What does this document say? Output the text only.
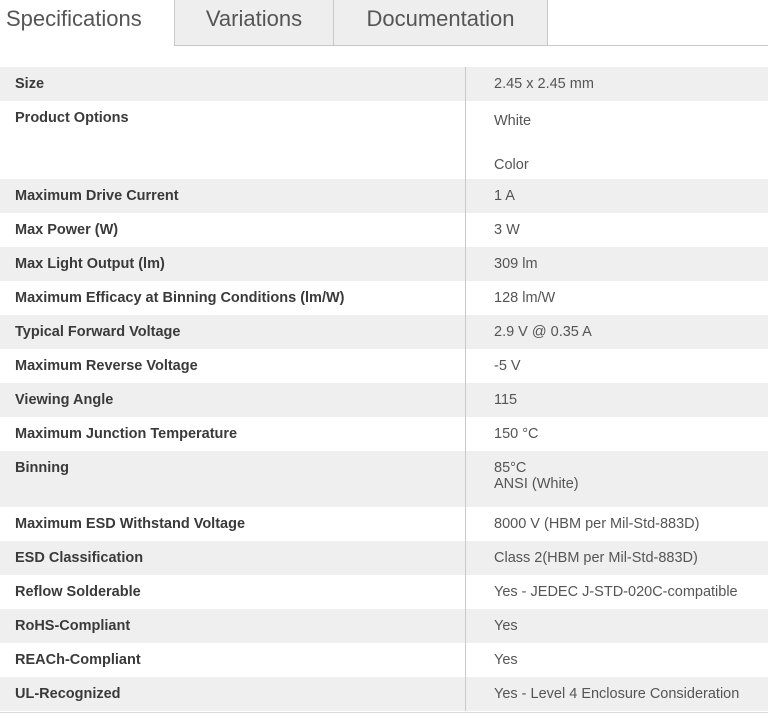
Specifications	Variations	Documentation
Size	2.45 x 2.45 mm
Product Options	White

Color
Maximum Drive Current	1 A
Max Power (W)	3 W
Max Light Output (lm)	309 lm
Maximum Efficacy at Binning Conditions (lm/W)	128 lm/W
Typical Forward Voltage	2.9 V @ 0.35 A
Maximum Reverse Voltage	-5 V
Viewing Angle	115
Maximum Junction Temperature	150 °C
Binning	85°C
ANSI (White)
Maximum ESD Withstand Voltage	8000 V (HBM per Mil-Std-883D)
ESD Classification	Class 2(HBM per Mil-Std-883D)
Reflow Solderable	Yes - JEDEC J-STD-020C-compatible
RoHS-Compliant	Yes
REACh-Compliant	Yes
UL-Recognized	Yes - Level 4 Enclosure Consideration
